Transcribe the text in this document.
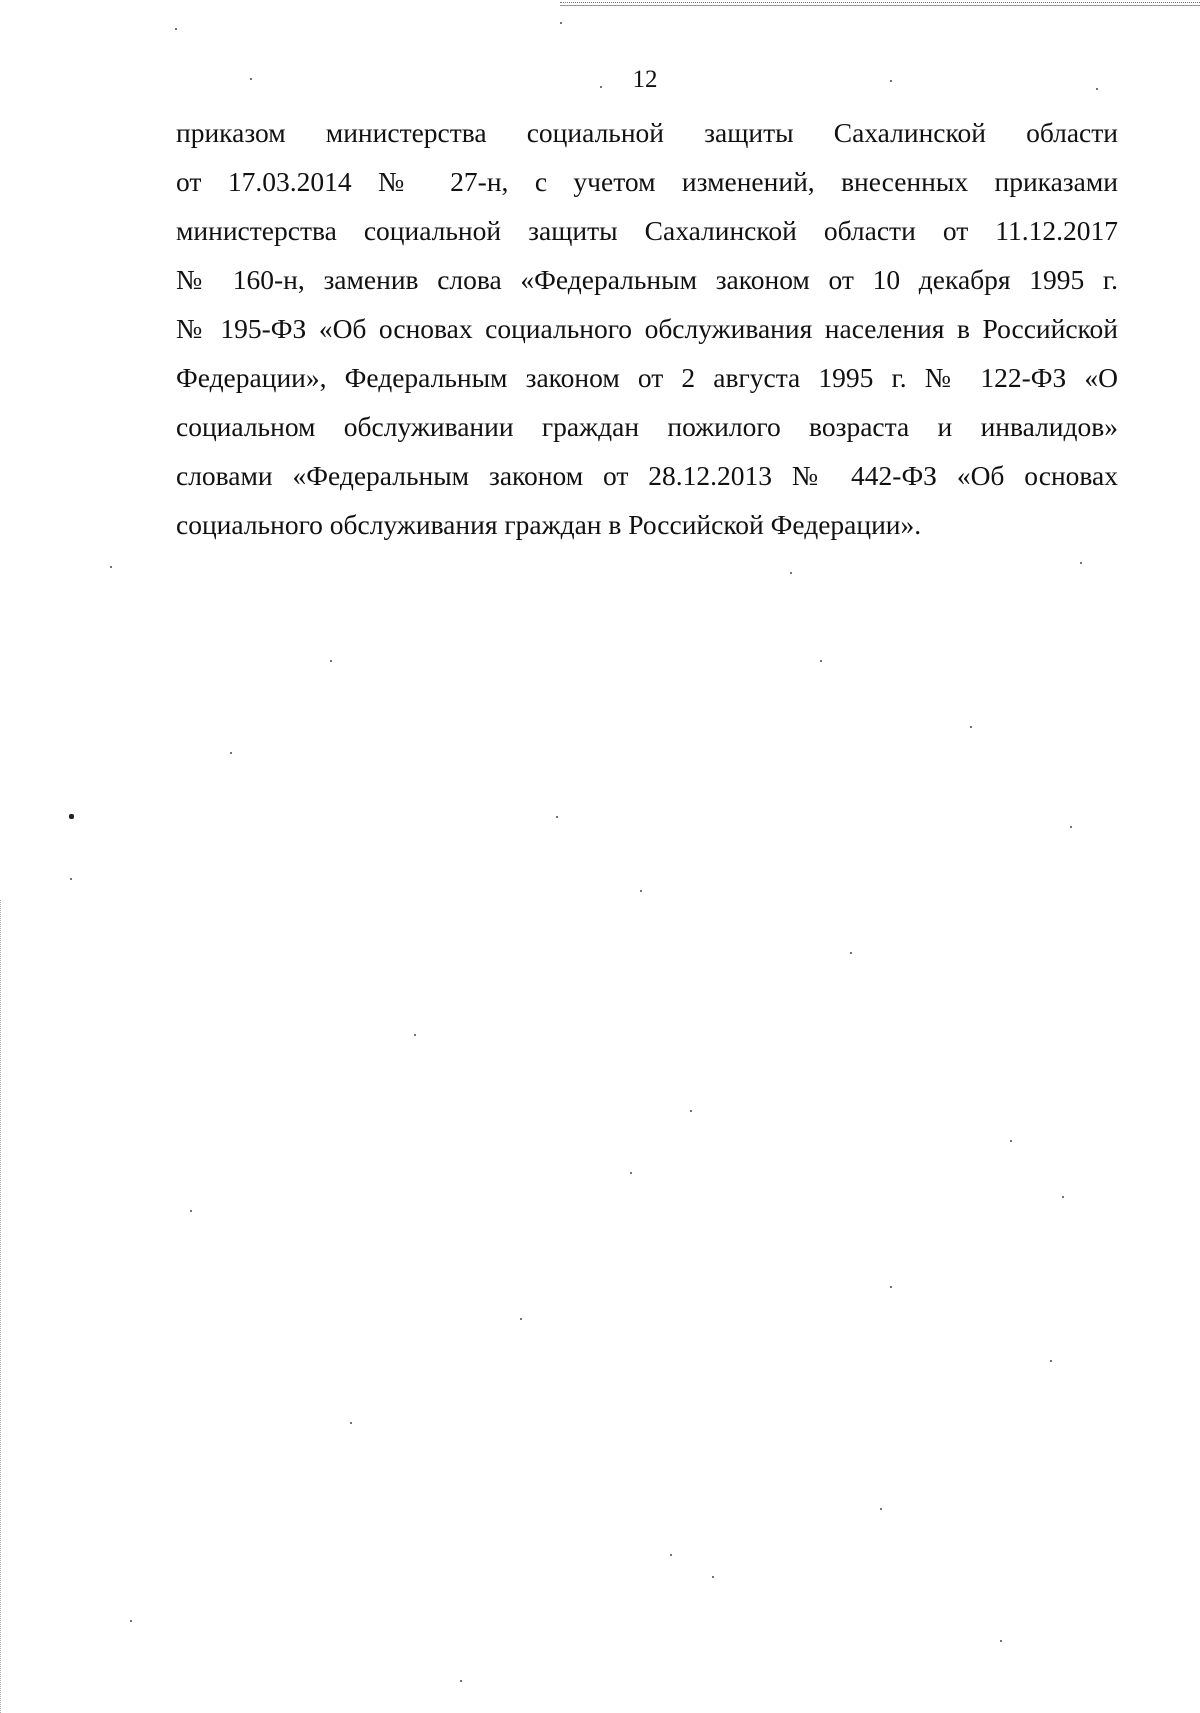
12
приказом министерства социальной защиты Сахалинской области
от 17.03.2014 № 27-н, с учетом изменений, внесенных приказами
министерства социальной защиты Сахалинской области от 11.12.2017
№ 160-н, заменив слова «Федеральным законом от 10 декабря 1995 г.
№ 195-ФЗ «Об основах социального обслуживания населения в Российской
Федерации», Федеральным законом от 2 августа 1995 г. № 122-ФЗ «О
социальном обслуживании граждан пожилого возраста и инвалидов»
словами «Федеральным законом от 28.12.2013 № 442-ФЗ «Об основах
социального обслуживания граждан в Российской Федерации».
